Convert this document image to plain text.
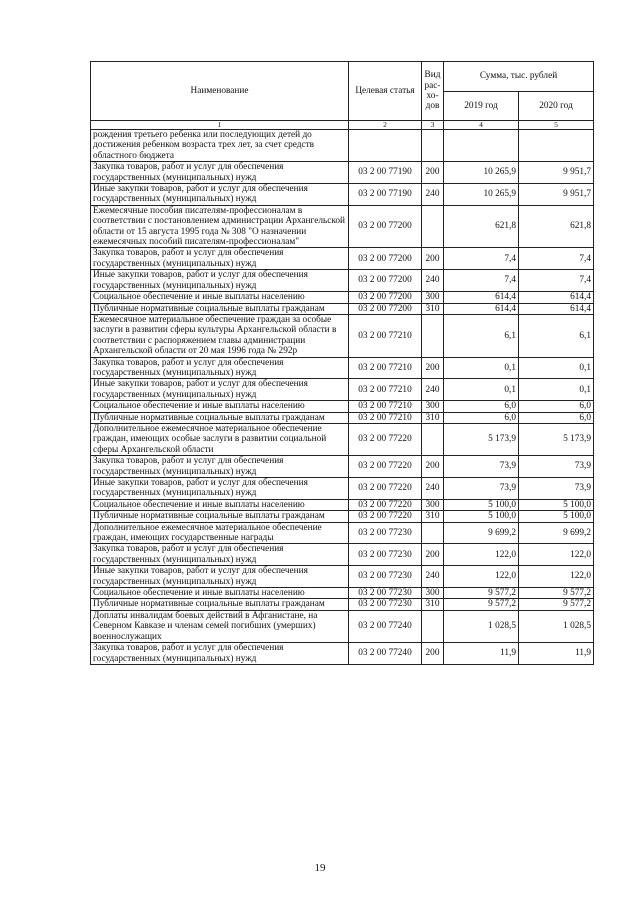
Наименование	Целевая статья	Вид рас- хо- дов	Сумма, тыс. рублей	
			2019 год	2020 год
1	2	3	4	5
рождения третьего ребенка или последующих детей до достижения ребенком возраста трех лет, за счет средств областного бюджета				
Закупка товаров, работ и услуг для обеспечения государственных (муниципальных) нужд	03 2 00 77190	200	10 265,9	9 951,7
Иные закупки товаров, работ и услуг для обеспечения государственных (муниципальных) нужд	03 2 00 77190	240	10 265,9	9 951,7
Ежемесячные пособия писателям-профессионалам в соответствии с постановлением администрации Архангельской области от 15 августа 1995 года № 308 "О назначении ежемесячных пособий писателям-профессионалам"	03 2 00 77200		621,8	621,8
Закупка товаров, работ и услуг для обеспечения государственных (муниципальных) нужд	03 2 00 77200	200	7,4	7,4
Иные закупки товаров, работ и услуг для обеспечения государственных (муниципальных) нужд	03 2 00 77200	240	7,4	7,4
Социальное обеспечение и иные выплаты населению	03 2 00 77200	300	614,4	614,4
Публичные нормативные социальные выплаты гражданам	03 2 00 77200	310	614,4	614,4
Ежемесячное материальное обеспечение граждан за особые заслуги в развитии сферы культуры Архангельской области в соответствии с распоряжением главы администрации Архангельской области от 20 мая 1996 года № 292р	03 2 00 77210		6,1	6,1
Закупка товаров, работ и услуг для обеспечения государственных (муниципальных) нужд	03 2 00 77210	200	0,1	0,1
Иные закупки товаров, работ и услуг для обеспечения государственных (муниципальных) нужд	03 2 00 77210	240	0,1	0,1
Социальное обеспечение и иные выплаты населению	03 2 00 77210	300	6,0	6,0
Публичные нормативные социальные выплаты гражданам	03 2 00 77210	310	6,0	6,0
Дополнительное ежемесячное материальное обеспечение граждан, имеющих особые заслуги в развитии социальной сферы Архангельской области	03 2 00 77220		5 173,9	5 173,9
Закупка товаров, работ и услуг для обеспечения государственных (муниципальных) нужд	03 2 00 77220	200	73,9	73,9
Иные закупки товаров, работ и услуг для обеспечения государственных (муниципальных) нужд	03 2 00 77220	240	73,9	73,9
Социальное обеспечение и иные выплаты населению	03 2 00 77220	300	5 100,0	5 100,0
Публичные нормативные социальные выплаты гражданам	03 2 00 77220	310	5 100,0	5 100,0
Дополнительное ежемесячное материальное обеспечение граждан, имеющих государственные награды	03 2 00 77230		9 699,2	9 699,2
Закупка товаров, работ и услуг для обеспечения государственных (муниципальных) нужд	03 2 00 77230	200	122,0	122,0
Иные закупки товаров, работ и услуг для обеспечения государственных (муниципальных) нужд	03 2 00 77230	240	122,0	122,0
Социальное обеспечение и иные выплаты населению	03 2 00 77230	300	9 577,2	9 577,2
Публичные нормативные социальные выплаты гражданам	03 2 00 77230	310	9 577,2	9 577,2
Доплаты инвалидам боевых действий в Афганистане, на Северном Кавказе и членам семей погибших (умерших) военнослужащих	03 2 00 77240		1 028,5	1 028,5
Закупка товаров, работ и услуг для обеспечения государственных (муниципальных) нужд	03 2 00 77240	200	11,9	11,9
19
